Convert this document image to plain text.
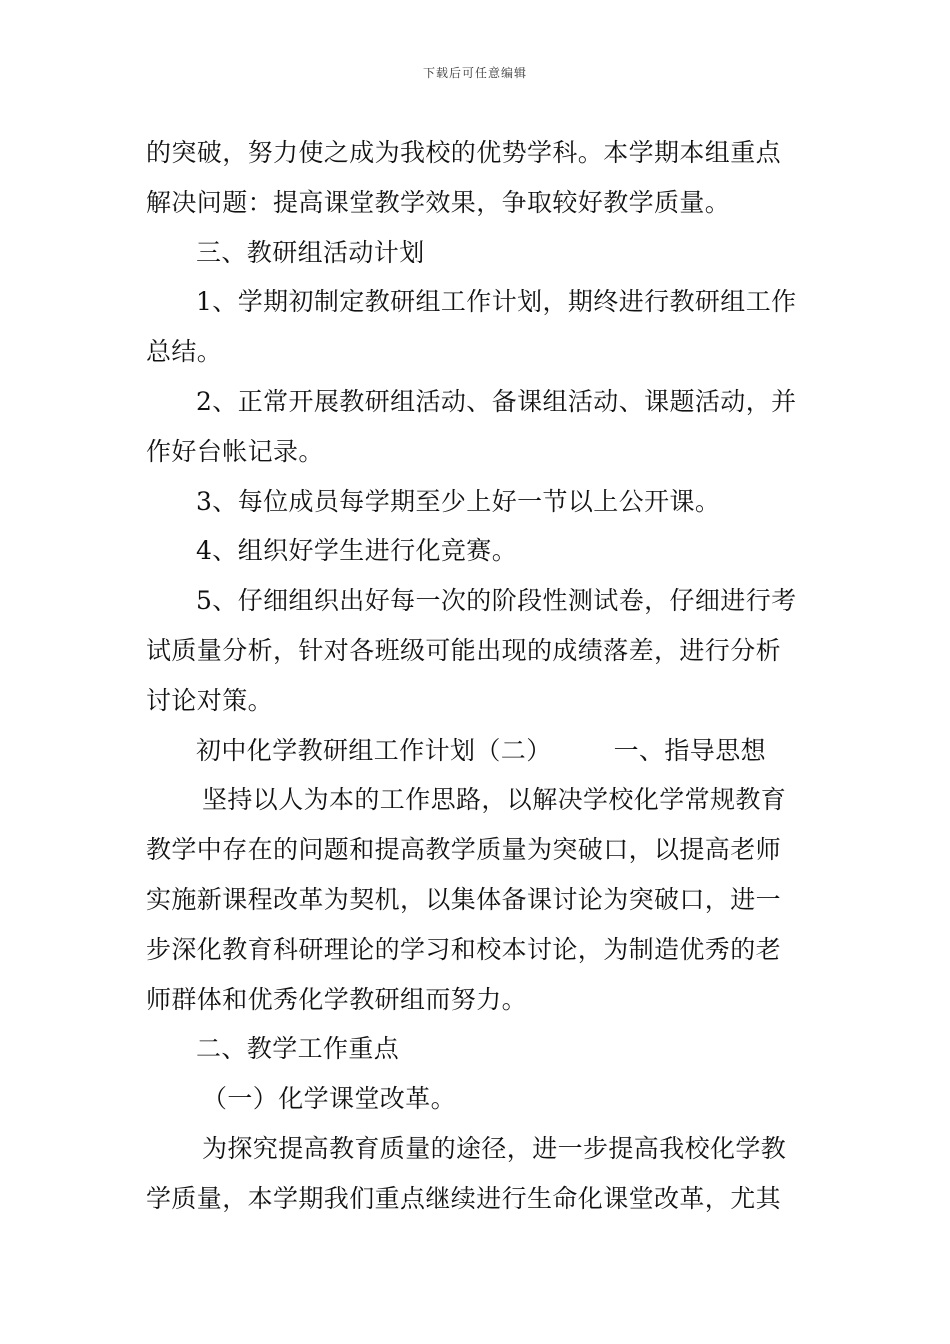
下载后可任意编辑
的突破，努力使之成为我校的优势学科。本学期本组重点
解决问题：提高课堂教学效果，争取较好教学质量。
三、教研组活动计划
1、学期初制定教研组工作计划，期终进行教研组工作
总结。
2、正常开展教研组活动、备课组活动、课题活动，并
作好台帐记录。
3、每位成员每学期至少上好一节以上公开课。
4、组织好学生进行化竞赛。
5、仔细组织出好每一次的阶段性测试卷，仔细进行考
试质量分析，针对各班级可能出现的成绩落差，进行分析
讨论对策。
初中化学教研组工作计划（二） 一、指导思想
坚持以人为本的工作思路，以解决学校化学常规教育
教学中存在的问题和提高教学质量为突破口，以提高老师
实施新课程改革为契机，以集体备课讨论为突破口，进一
步深化教育科研理论的学习和校本讨论，为制造优秀的老
师群体和优秀化学教研组而努力。
二、教学工作重点
（一）化学课堂改革。
为探究提高教育质量的途径，进一步提高我校化学教
学质量，本学期我们重点继续进行生命化课堂改革，尤其
